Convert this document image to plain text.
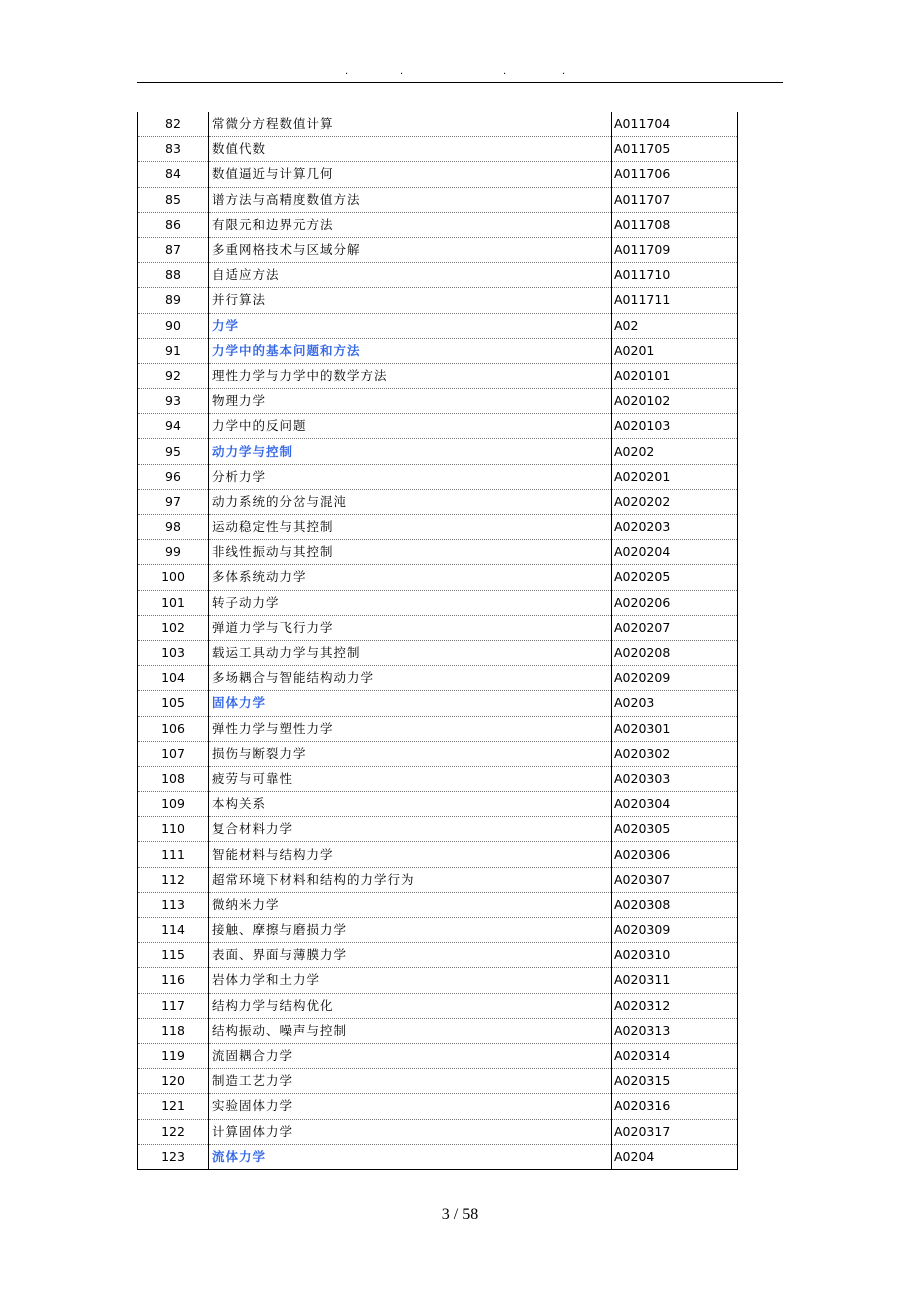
.	.	.	.
82	常微分方程数值计算	A011704
83	数值代数	A011705
84	数值逼近与计算几何	A011706
85	谱方法与高精度数值方法	A011707
86	有限元和边界元方法	A011708
87	多重网格技术与区域分解	A011709
88	自适应方法	A011710
89	并行算法	A011711
90	力学	A02
91	力学中的基本问题和方法	A0201
92	理性力学与力学中的数学方法	A020101
93	物理力学	A020102
94	力学中的反问题	A020103
95	动力学与控制	A0202
96	分析力学	A020201
97	动力系统的分岔与混沌	A020202
98	运动稳定性与其控制	A020203
99	非线性振动与其控制	A020204
100	多体系统动力学	A020205
101	转子动力学	A020206
102	弹道力学与飞行力学	A020207
103	载运工具动力学与其控制	A020208
104	多场耦合与智能结构动力学	A020209
105	固体力学	A0203
106	弹性力学与塑性力学	A020301
107	损伤与断裂力学	A020302
108	疲劳与可靠性	A020303
109	本构关系	A020304
110	复合材料力学	A020305
111	智能材料与结构力学	A020306
112	超常环境下材料和结构的力学行为	A020307
113	微纳米力学	A020308
114	接触、摩擦与磨损力学	A020309
115	表面、界面与薄膜力学	A020310
116	岩体力学和土力学	A020311
117	结构力学与结构优化	A020312
118	结构振动、噪声与控制	A020313
119	流固耦合力学	A020314
120	制造工艺力学	A020315
121	实验固体力学	A020316
122	计算固体力学	A020317
123	流体力学	A0204
3 / 58
